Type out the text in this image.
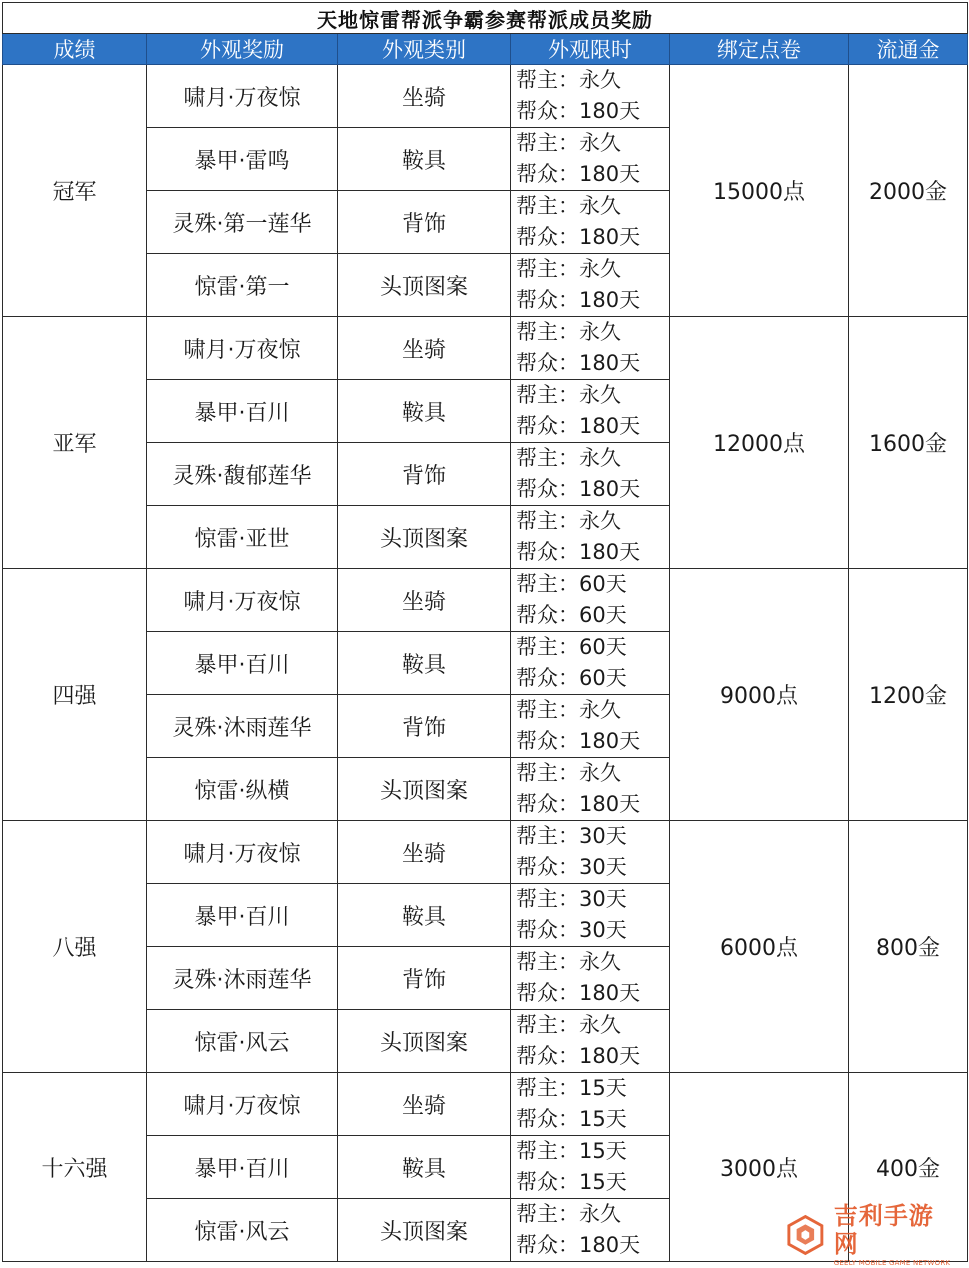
天地惊雷帮派争霸参赛帮派成员奖励					
成绩	外观奖励	外观类别	外观限时	绑定点卷	流通金
冠军	啸月·万夜惊	坐骑	帮主：永久
帮众：180天	15000点	2000金
	暴甲·雷鸣	鞍具	帮主：永久
帮众：180天		

	灵殊·第一莲华	背饰	帮主：永久
帮众：180天		

	惊雷·第一	头顶图案	帮主：永久
帮众：180天		

亚军	啸月·万夜惊	坐骑	帮主：永久
帮众：180天	12000点	1600金
	暴甲·百川	鞍具	帮主：永久
帮众：180天		

	灵殊·馥郁莲华	背饰	帮主：永久
帮众：180天		

	惊雷·亚世	头顶图案	帮主：永久
帮众：180天		

四强	啸月·万夜惊	坐骑	帮主：60天
帮众：60天	9000点	1200金
	暴甲·百川	鞍具	帮主：60天
帮众：60天		

	灵殊·沐雨莲华	背饰	帮主：永久
帮众：180天		

	惊雷·纵横	头顶图案	帮主：永久
帮众：180天		

八强	啸月·万夜惊	坐骑	帮主：30天
帮众：30天	6000点	800金
	暴甲·百川	鞍具	帮主：30天
帮众：30天		

	灵殊·沐雨莲华	背饰	帮主：永久
帮众：180天		

	惊雷·风云	头顶图案	帮主：永久
帮众：180天		

十六强	啸月·万夜惊	坐骑	帮主：15天
帮众：15天	3000点	400金
	暴甲·百川	鞍具	帮主：15天
帮众：15天		

	惊雷·风云	头顶图案	帮主：永久
帮众：180天		
吉利手游网
GEELY MOBILE GAME NETWORK
